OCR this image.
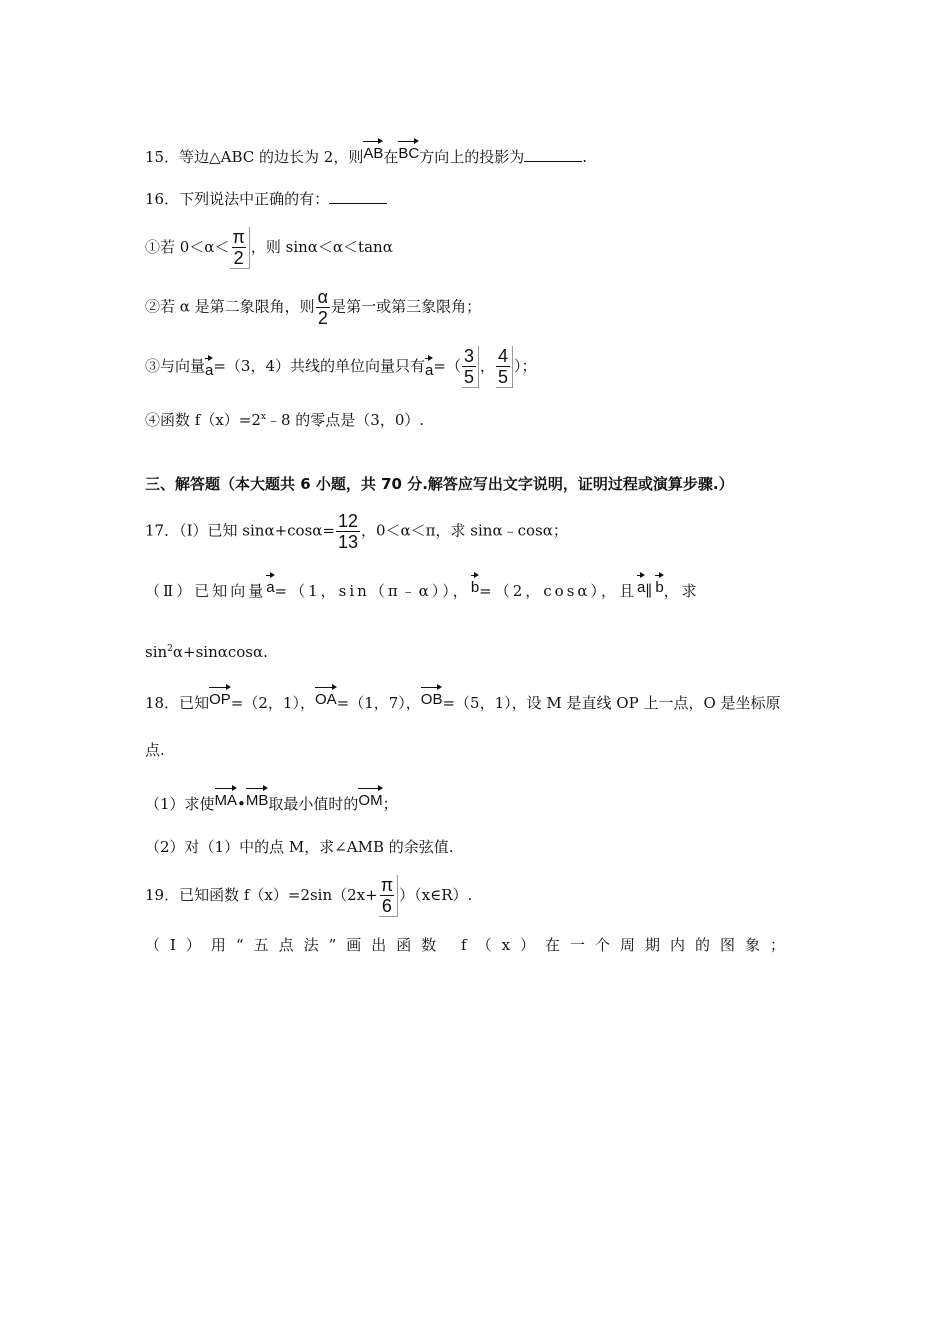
15．等边△ABC 的边长为 2，则AB在BC方向上的投影为	.
16．下列说法中正确的有：
①若 $0<\alpha< \frac{\pi}{2}$ ，则 sinα＜α＜tanα
②若 α 是第二象限角，则 $\frac{\alpha}{2}$ 是第一或第三象限角；
③与向量a=（3，4）共线的单位向量只有$a=( \frac{3}{5}$ ， $\frac{4}{5}$ ）；
④函数 $f(x)=2^x﹣8$ 的零点是（3，0）.
三、解答题（本大题共 6 小题，共 70 分.解答应写出文字说明，证明过程或演算步骤.）
17．（Ⅰ）已知 $\sin\alpha+\cos\alpha= \frac{12}{13}$ ，0＜α＜π，求 sinα﹣cosα；
（Ⅱ）已知向量a=（1，sin（π﹣α）），b=（2，cosα），且a∥b，求
$\sin^2\alpha+\sin\alpha\cos\alpha$.
18．已知OP=（2，1），OA=（1，7），OB=（5，1），设 M 是直线 OP 上一点，O 是坐标原
点.
（1）求使MA•MB取最小值时的OM；
（2）对（1）中的点 M，求∠AMB 的余弦值.
19．已知函数 $f(x)=2\sin(2x+ \frac{\pi}{6}$ ）（x∈R）.
（Ⅰ）用“五点法”画出函数 f（x）在一个周期内的图象；
